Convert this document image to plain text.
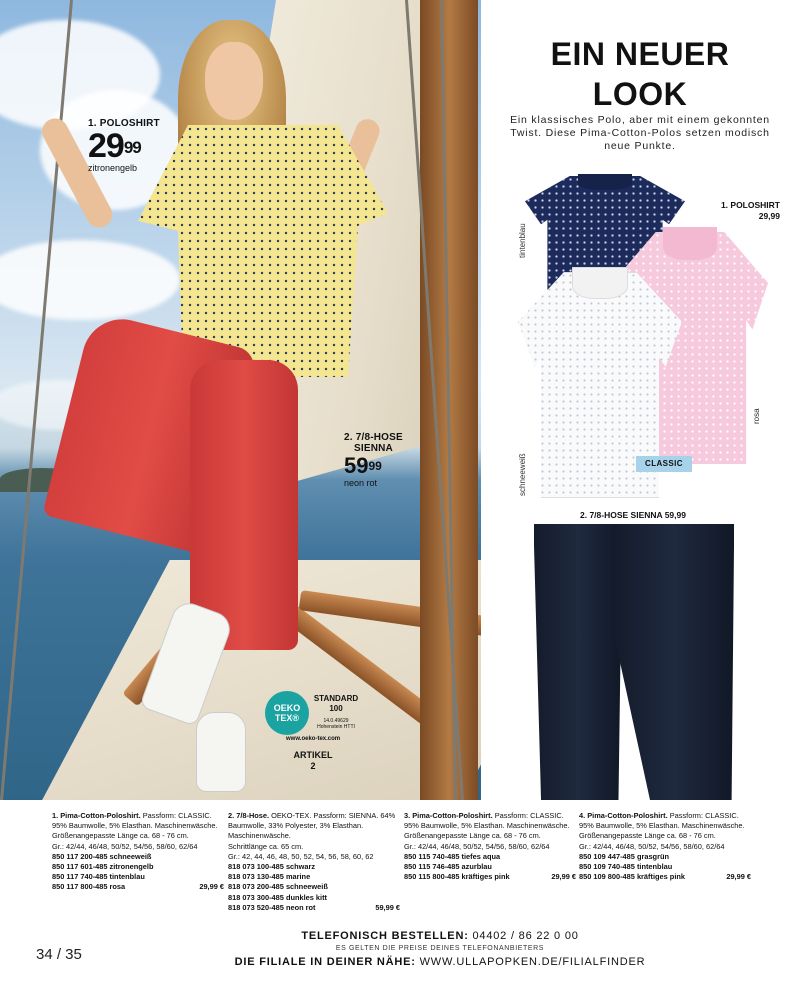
1. POLOSHIRT
$29^{99}$
zitronengelb
2. 7/8-HOSE
SIENNA
$59^{99}$
neon rot
OEKO
TEX®
STANDARD
100
14.0.49629
Hohenstein HTTI
www.oeko-tex.com
ARTIKEL
2
EIN NEUER
LOOK
Ein klassisches Polo, aber mit einem gekonnten Twist. Diese Pima-Cotton-Polos setzen modisch neue Punkte.
tintenblau
1. POLOSHIRT
29,99
rosa
schneeweiß	CLASSIC
2. 7/8-HOSE SIENNA 59,99
1. Pima-Cotton-Poloshirt. Passform: CLASSIC. 95% Baumwolle, 5% Elasthan. Maschinenwäsche.
Größenangepasste Länge ca. 68 - 76 cm.
Gr.: 42/44, 46/48, 50/52, 54/56, 58/60, 62/64
850 117 200-485 schneeweiß
850 117 601-485 zitronengelb
850 117 740-485 tintenblau
850 117 800-485 rosa	29,99 €
2. 7/8-Hose. OEKO-TEX. Passform: SIENNA. 64% Baumwolle, 33% Polyester, 3% Elasthan. Maschinenwäsche.
Schrittlänge ca. 65 cm.
Gr.: 42, 44, 46, 48, 50, 52, 54, 56, 58, 60, 62
818 073 100-485 schwarz
818 073 130-485 marine
818 073 200-485 schneeweiß
818 073 300-485 dunkles kitt
818 073 520-485 neon rot	59,99 €
3. Pima-Cotton-Poloshirt. Passform: CLASSIC. 95% Baumwolle, 5% Elasthan. Maschinenwäsche.
Größenangepasste Länge ca. 68 - 76 cm.
Gr.: 42/44, 46/48, 50/52, 54/56, 58/60, 62/64
850 115 740-485 tiefes aqua
850 115 746-485 azurblau
850 115 800-485 kräftiges pink	29,99 €
4. Pima-Cotton-Poloshirt. Passform: CLASSIC. 95% Baumwolle, 5% Elasthan. Maschinenwäsche.
Größenangepasste Länge ca. 68 - 76 cm.
Gr.: 42/44, 46/48, 50/52, 54/56, 58/60, 62/64
850 109 447-485 grasgrün
850 109 740-485 tintenblau
850 109 800-485 kräftiges pink	29,99 €
TELEFONISCH BESTELLEN: 04402 / 86 22 0 00
ES GELTEN DIE PREISE DEINES TELEFONANBIETERS
DIE FILIALE IN DEINER NÄHE: WWW.ULLAPOPKEN.DE/FILIALFINDER
34 / 35
